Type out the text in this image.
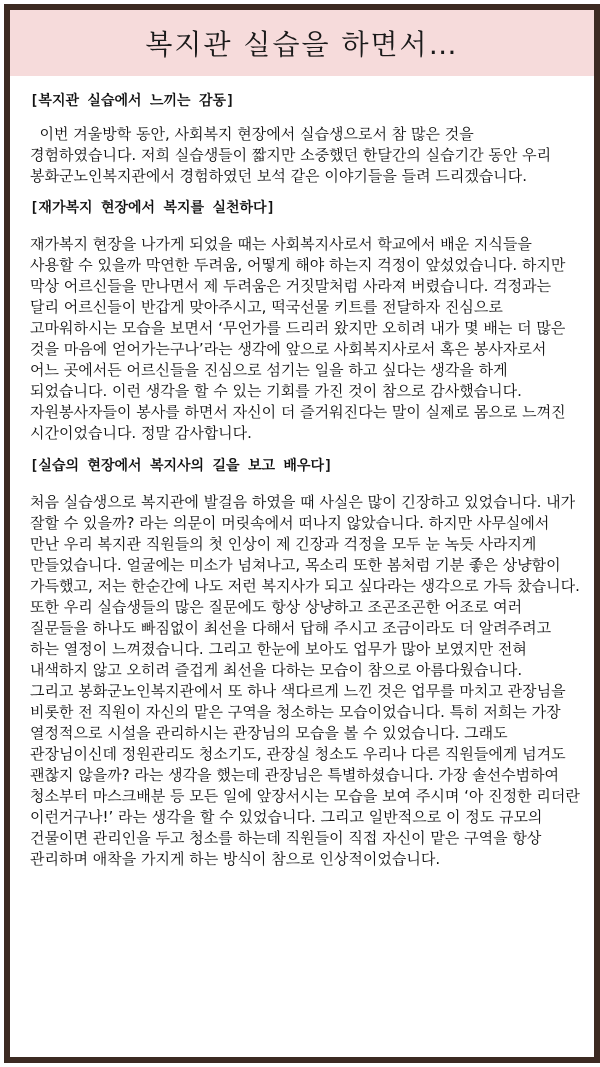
복지관 실습을 하면서…
[복지관 실습에서 느끼는 감동]

이번 겨울방학 동안, 사회복지 현장에서 실습생으로서 참 많은 것을 경험하였습니다. 저희 실습생들이 짧지만 소중했던 한달간의 실습기간 동안 우리 봉화군노인복지관에서 경험하였던 보석 같은 이야기들을 들려 드리겠습니다.

[재가복지 현장에서 복지를 실천하다]

재가복지 현장을 나가게 되었을 때는 사회복지사로서 학교에서 배운 지식들을 사용할 수 있을까 막연한 두려움, 어떻게 해야 하는지 걱정이 앞섰었습니다. 하지만 막상 어르신들을 만나면서 제 두려움은 거짓말처럼 사라져 버렸습니다. 걱정과는 달리 어르신들이 반갑게 맞아주시고, 떡국선물 키트를 전달하자 진심으로 고마워하시는 모습을 보면서 ‘무언가를 드리러 왔지만 오히려 내가 몇 배는 더 많은 것을 마음에 얻어가는구나’라는 생각에 앞으로 사회복지사로서 혹은 봉사자로서 어느 곳에서든 어르신들을 진심으로 섬기는 일을 하고 싶다는 생각을 하게 되었습니다. 이런 생각을 할 수 있는 기회를 가진 것이 참으로 감사했습니다. 자원봉사자들이 봉사를 하면서 자신이 더 즐거워진다는 말이 실제로 몸으로 느껴진 시간이었습니다. 정말 감사합니다.

[실습의 현장에서 복지사의 길을 보고 배우다]

처음 실습생으로 복지관에 발걸음 하였을 때 사실은 많이 긴장하고 있었습니다. 내가 잘할 수 있을까? 라는 의문이 머릿속에서 떠나지 않았습니다. 하지만 사무실에서 만난 우리 복지관 직원들의 첫 인상이 제 긴장과 걱정을 모두 눈 녹듯 사라지게 만들었습니다. 얼굴에는 미소가 넘쳐나고, 목소리 또한 봄처럼 기분 좋은 상냥함이 가득했고, 저는 한순간에 나도 저런 복지사가 되고 싶다라는 생각으로 가득 찼습니다. 또한 우리 실습생들의 많은 질문에도 항상 상냥하고 조곤조곤한 어조로 여러 질문들을 하나도 빠짐없이 최선을 다해서 답해 주시고 조금이라도 더 알려주려고 하는 열정이 느껴졌습니다. 그리고 한눈에 보아도 업무가 많아 보였지만 전혀 내색하지 않고 오히려 즐겁게 최선을 다하는 모습이 참으로 아름다웠습니다.

그리고 봉화군노인복지관에서 또 하나 색다르게 느낀 것은 업무를 마치고 관장님을 비롯한 전 직원이 자신의 맡은 구역을 청소하는 모습이었습니다. 특히 저희는 가장 열정적으로 시설을 관리하시는 관장님의 모습을 볼 수 있었습니다. 그래도 관장님이신데 정원관리도 청소기도, 관장실 청소도 우리나 다른 직원들에게 넘겨도 괜찮지 않을까? 라는 생각을 했는데 관장님은 특별하셨습니다. 가장 솔선수범하여 청소부터 마스크배분 등 모든 일에 앞장서시는 모습을 보여 주시며 ‘아 진정한 리더란 이런거구나!’ 라는 생각을 할 수 있었습니다. 그리고 일반적으로 이 정도 규모의 건물이면 관리인을 두고 청소를 하는데 직원들이 직접 자신이 맡은 구역을 항상 관리하며 애착을 가지게 하는 방식이 참으로 인상적이었습니다.
